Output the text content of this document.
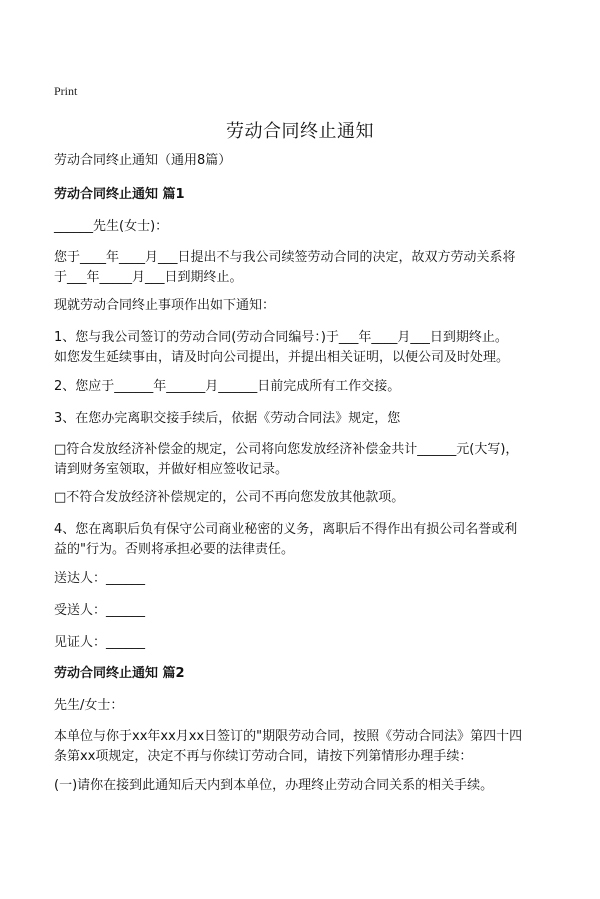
Print
劳动合同终止通知
劳动合同终止通知（通用8篇）
劳动合同终止通知 篇1
______先生(女士)：
您于____年____月___日提出不与我公司续签劳动合同的决定，故双方劳动关系将
于___年_____月___日到期终止。
现就劳动合同终止事项作出如下通知：
1、您与我公司签订的劳动合同(劳动合同编号：)于___年____月___日到期终止。
如您发生延续事由，请及时向公司提出，并提出相关证明，以便公司及时处理。
2、您应于______年______月______日前完成所有工作交接。
3、在您办完离职交接手续后，依据《劳动合同法》规定，您
□符合发放经济补偿金的规定，公司将向您发放经济补偿金共计______元(大写)，
请到财务室领取，并做好相应签收记录。
□不符合发放经济补偿规定的，公司不再向您发放其他款项。
4、您在离职后负有保守公司商业秘密的义务，离职后不得作出有损公司名誉或利
益的"行为。否则将承担必要的法律责任。
送达人：______
受送人：______
见证人：______
劳动合同终止通知 篇2
先生/女士：
本单位与你于xx年xx月xx日签订的"期限劳动合同，按照《劳动合同法》第四十四
条第xx项规定，决定不再与你续订劳动合同，请按下列第情形办理手续：
(一)请你在接到此通知后天内到本单位，办理终止劳动合同关系的相关手续。
